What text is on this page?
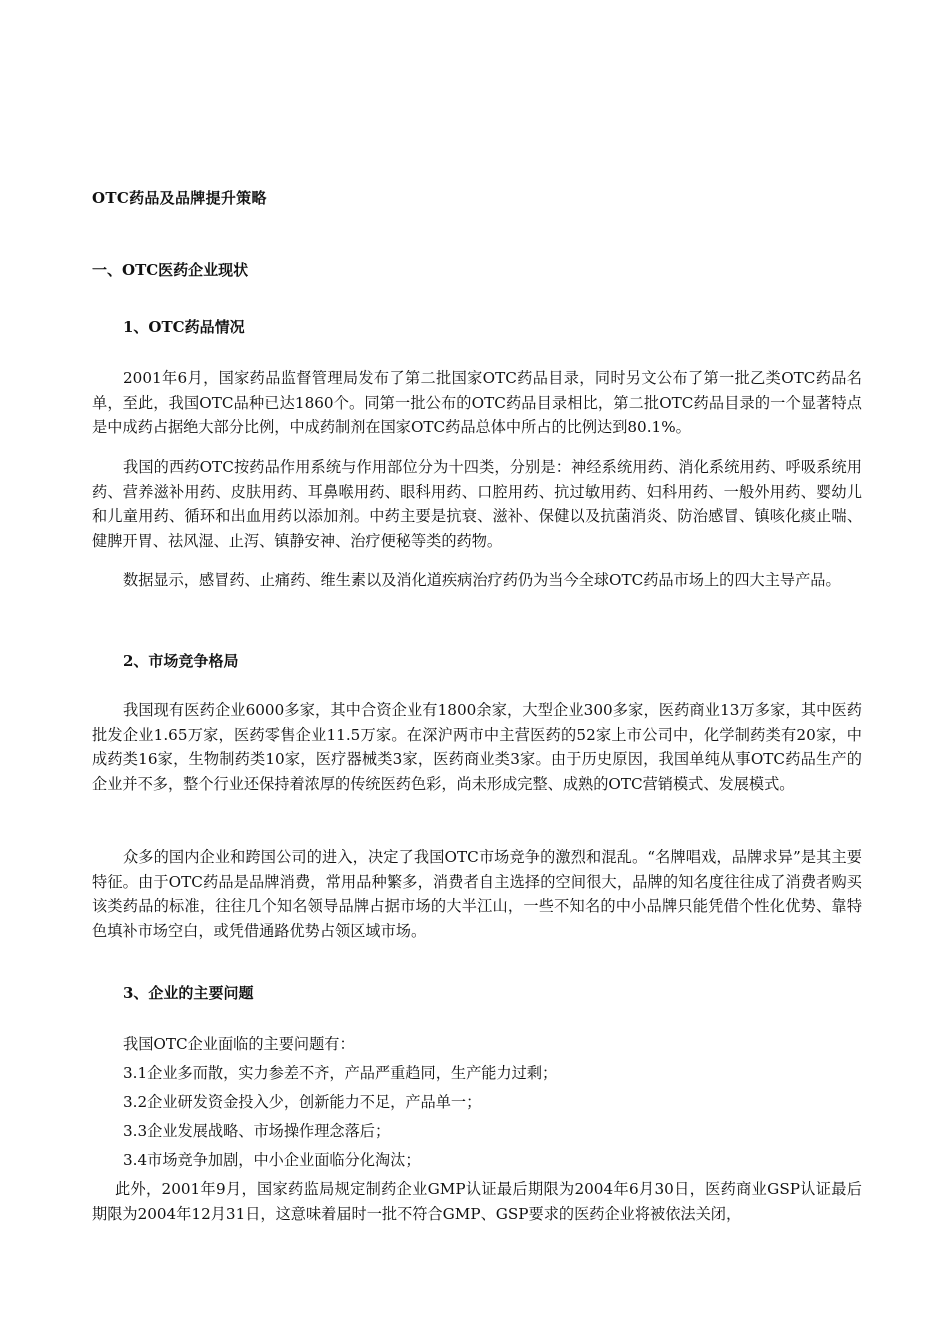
OTC药品及品牌提升策略
一、OTC医药企业现状
1、OTC药品情况

2001年6月，国家药品监督管理局发布了第二批国家OTC药品目录，同时另文公布了第一批乙类OTC药品名单，至此，我国OTC品种已达1860个。同第一批公布的OTC药品目录相比，第二批OTC药品目录的一个显著特点是中成药占据绝大部分比例，中成药制剂在国家OTC药品总体中所占的比例达到80.1%。

我国的西药OTC按药品作用系统与作用部位分为十四类，分别是：神经系统用药、消化系统用药、呼吸系统用药、营养滋补用药、皮肤用药、耳鼻喉用药、眼科用药、口腔用药、抗过敏用药、妇科用药、一般外用药、婴幼儿和儿童用药、循环和出血用药以添加剂。中药主要是抗衰、滋补、保健以及抗菌消炎、防治感冒、镇咳化痰止喘、健脾开胃、祛风湿、止泻、镇静安神、治疗便秘等类的药物。

数据显示，感冒药、止痛药、维生素以及消化道疾病治疗药仍为当今全球OTC药品市场上的四大主导产品。

2、市场竞争格局

我国现有医药企业6000多家，其中合资企业有1800余家，大型企业300多家，医药商业13万多家，其中医药批发企业1.65万家，医药零售企业11.5万家。在深沪两市中主营医药的52家上市公司中，化学制药类有20家，中成药类16家，生物制药类10家，医疗器械类3家，医药商业类3家。由于历史原因，我国单纯从事OTC药品生产的企业并不多，整个行业还保持着浓厚的传统医药色彩，尚未形成完整、成熟的OTC营销模式、发展模式。

众多的国内企业和跨国公司的进入，决定了我国OTC市场竞争的激烈和混乱。“名牌唱戏，品牌求异”是其主要特征。由于OTC药品是品牌消费，常用品种繁多，消费者自主选择的空间很大，品牌的知名度往往成了消费者购买该类药品的标准，往往几个知名领导品牌占据市场的大半江山，一些不知名的中小品牌只能凭借个性化优势、靠特色填补市场空白，或凭借通路优势占领区域市场。

3、企业的主要问题

我国OTC企业面临的主要问题有：

3.1企业多而散，实力参差不齐，产品严重趋同，生产能力过剩；

3.2企业研发资金投入少，创新能力不足，产品单一；

3.3企业发展战略、市场操作理念落后；

3.4市场竞争加剧，中小企业面临分化淘汰；

此外，2001年9月，国家药监局规定制药企业GMP认证最后期限为2004年6月30日，医药商业GSP认证最后期限为2004年12月31日，这意味着届时一批不符合GMP、GSP要求的医药企业将被依法关闭，
